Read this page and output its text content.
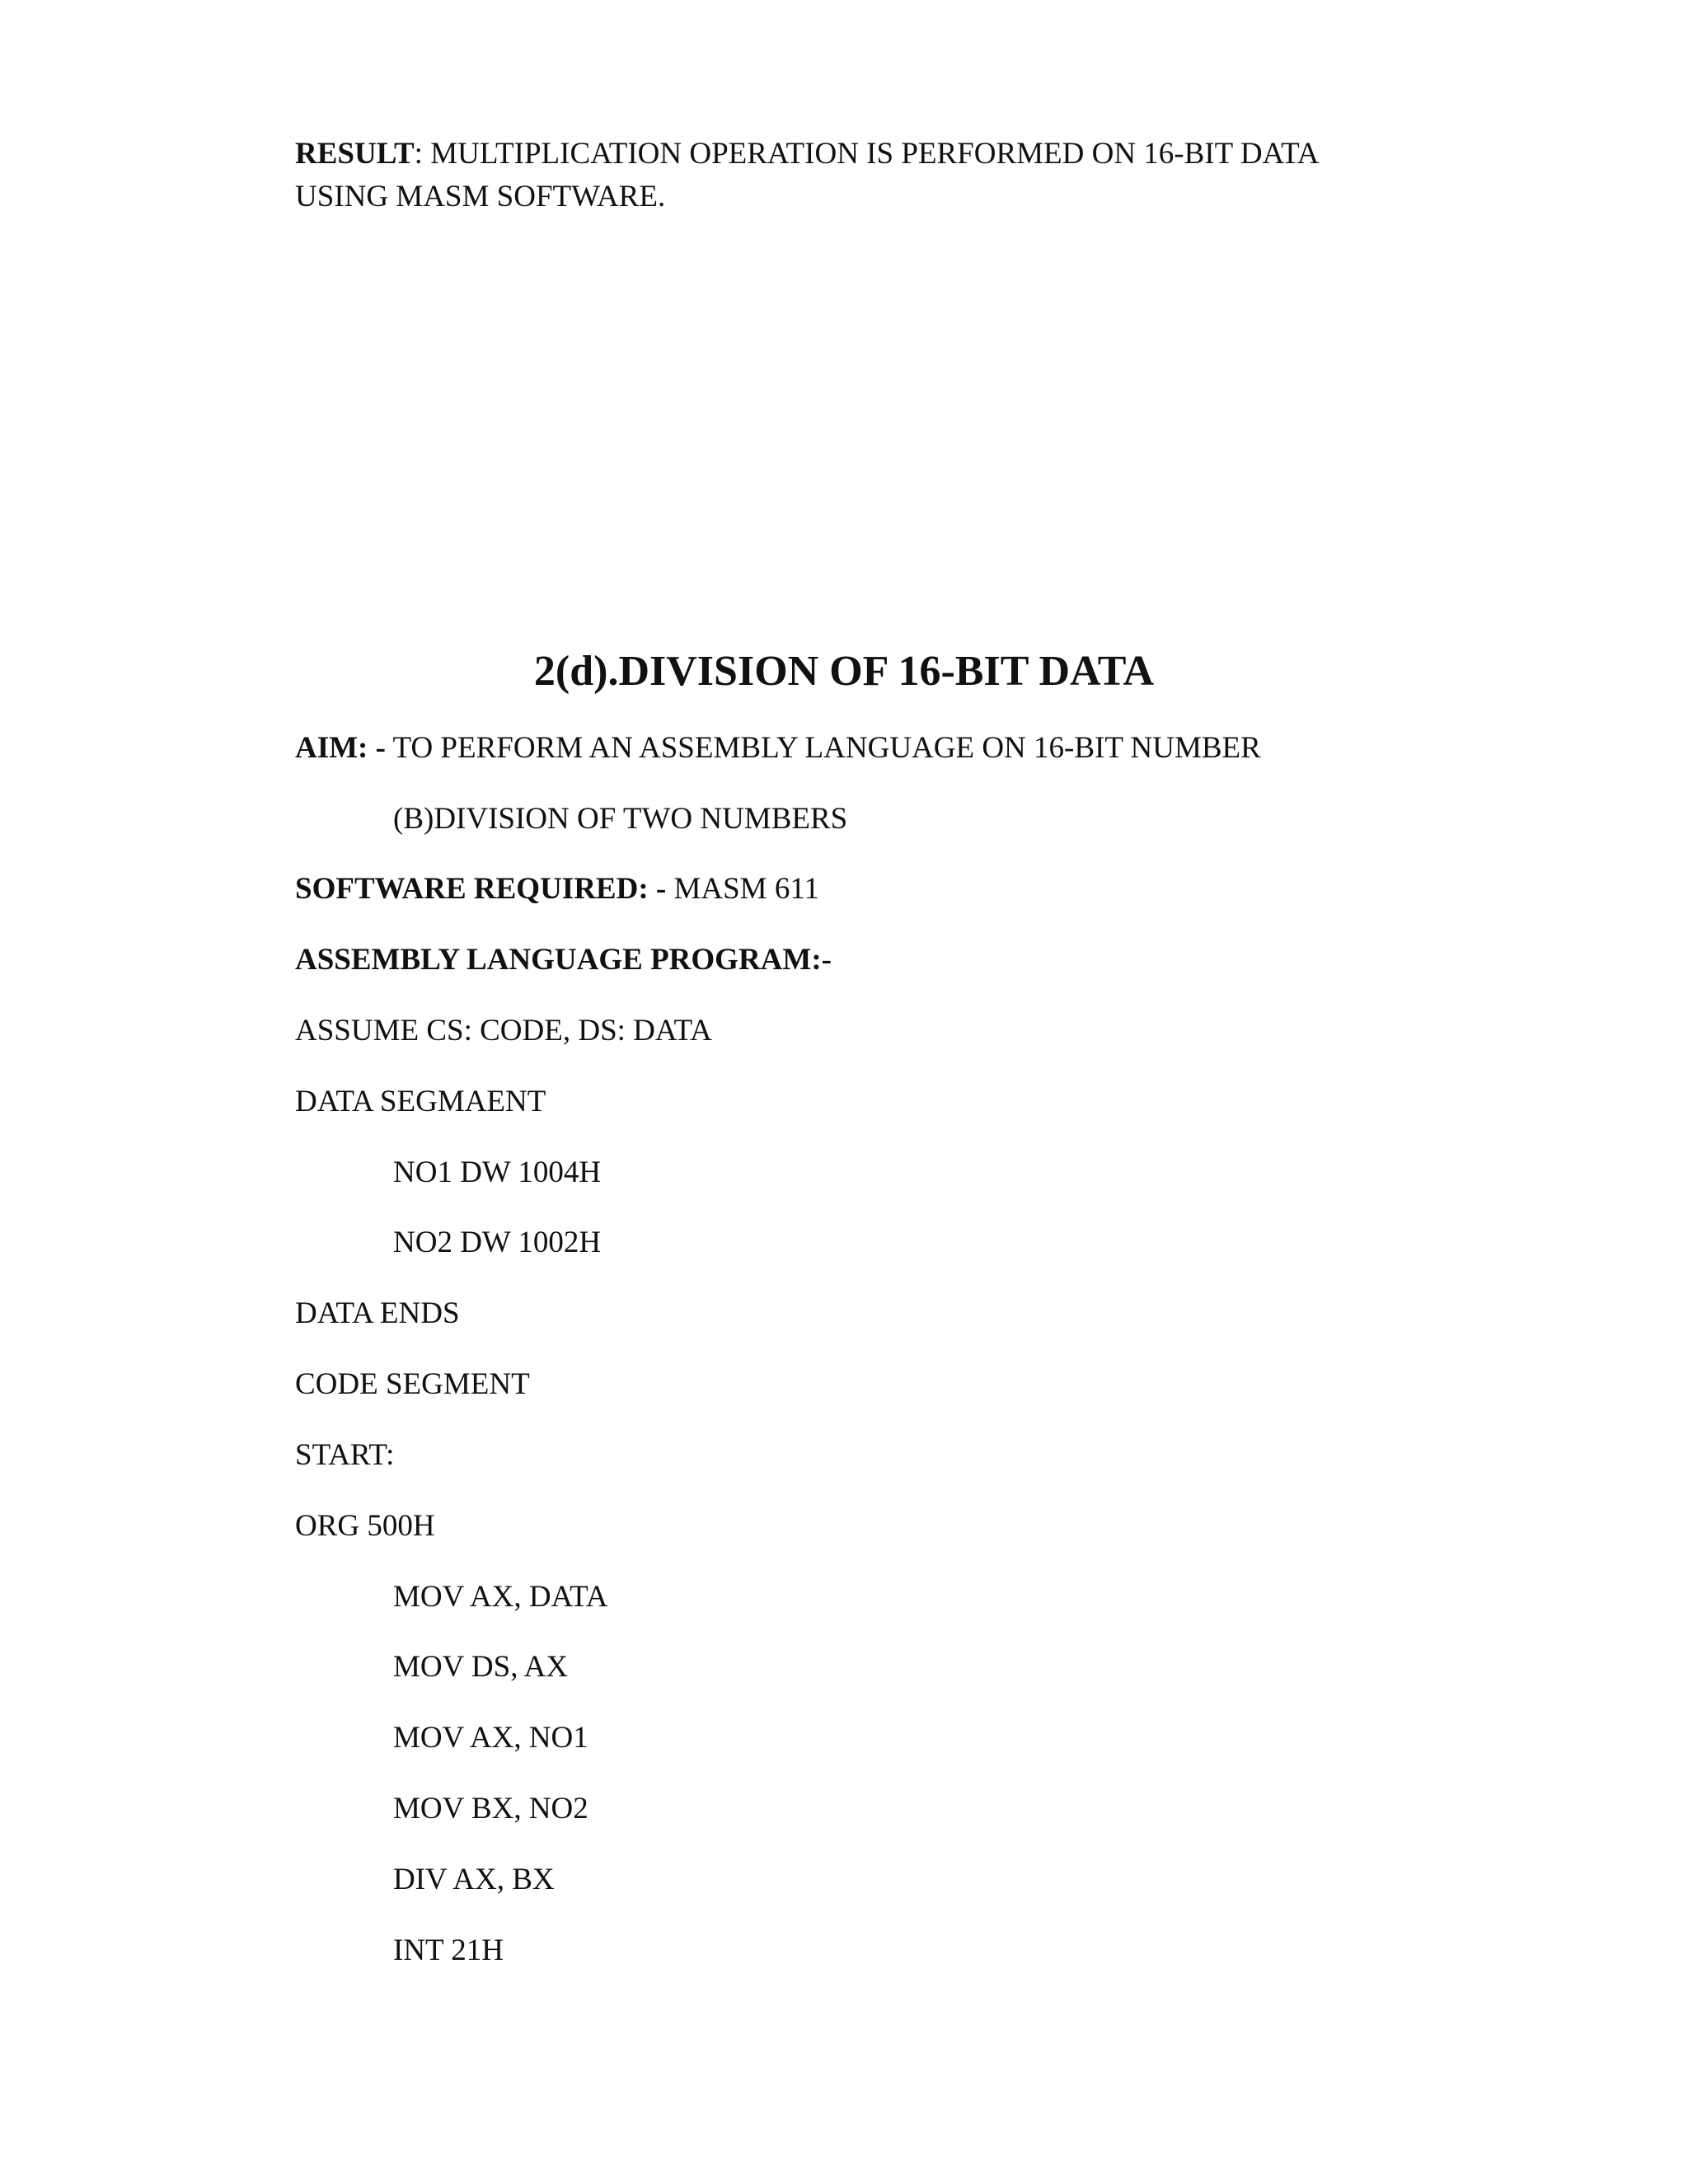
RESULT: MULTIPLICATION OPERATION IS PERFORMED ON 16-BIT DATA
USING MASM SOFTWARE.
2(d).DIVISION OF 16-BIT DATA
AIM: - TO PERFORM AN ASSEMBLY LANGUAGE ON 16-BIT NUMBER
(B)DIVISION OF TWO NUMBERS
SOFTWARE REQUIRED: - MASM 611
ASSEMBLY LANGUAGE PROGRAM:-
ASSUME CS: CODE, DS: DATA
DATA SEGMAENT
NO1 DW 1004H
NO2 DW 1002H
DATA ENDS
CODE SEGMENT
START:
ORG 500H
MOV AX, DATA
MOV DS, AX
MOV AX, NO1
MOV BX, NO2
DIV AX, BX
INT 21H
